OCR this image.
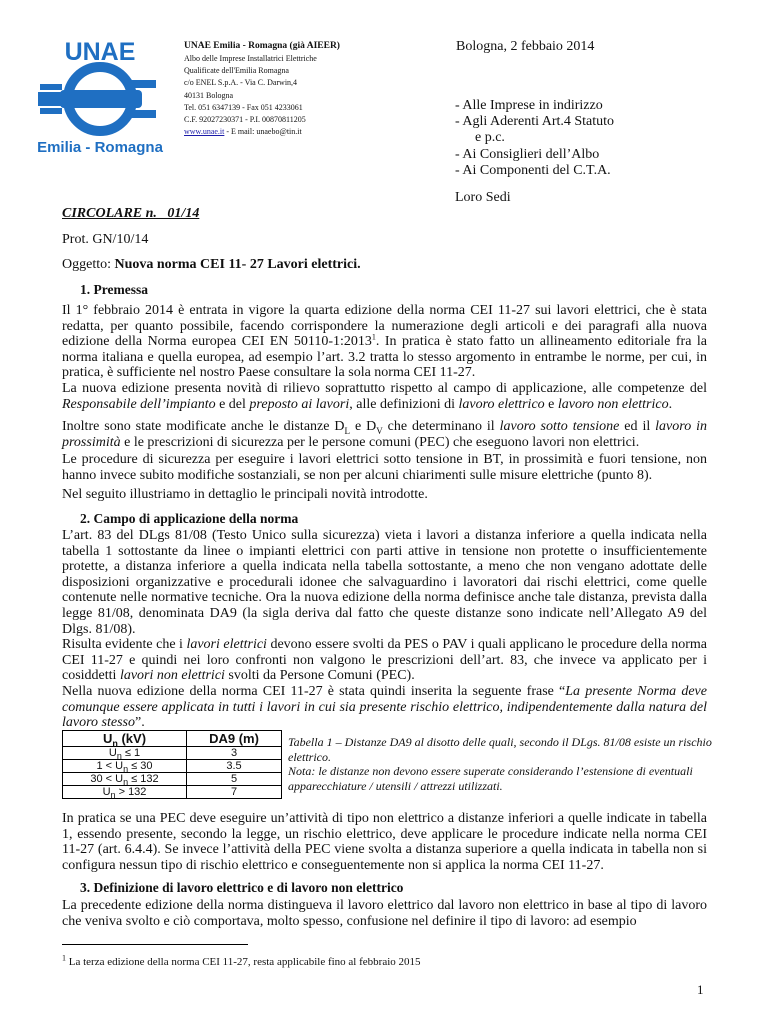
UNAE
Emilia - Romagna
UNAE Emilia - Romagna (già AIEER)
Albo delle Imprese Installatrici Elettriche
Qualificate dell'Emilia Romagna
c/o ENEL S.p.A. - Via C. Darwin,4
40131 Bologna
Tel. 051 6347139 - Fax 051 4233061
C.F. 92027230371 - P.I. 00870811205
www.unae.it - E mail: unaebo@tin.it
Bologna, 2 febbaio 2014
- Alle Imprese in indirizzo
- Agli Aderenti Art.4 Statuto
e p.c.
- Ai Consiglieri dell’Albo
- Ai Componenti del C.T.A.
Loro Sedi
CIRCOLARE n. _01/14
Prot. GN/10/14
Oggetto: Nuova norma CEI 11- 27 Lavori elettrici.
1. Premessa
Il 1° febbraio 2014 è entrata in vigore la quarta edizione della norma CEI 11-27 sui lavori elettrici, che è stata redatta, per quanto possibile, facendo corrispondere la numerazione degli articoli e dei paragrafi alla nuova edizione della Norma europea CEI EN 50110-1:2013$^1$. In pratica è stato fatto un allineamento editoriale fra la norma italiana e quella europea, ad esempio l’art. 3.2 tratta lo stesso argomento in entrambe le norme, per cui, in pratica, è sufficiente nel nostro Paese consultare la sola norma CEI 11-27.
La nuova edizione presenta novità di rilievo soprattutto rispetto al campo di applicazione, alle competenze del Responsabile dell’impianto e del preposto ai lavori, alle definizioni di lavoro elettrico e lavoro non elettrico.
Inoltre sono state modificate anche le distanze $D_L$ e $D_V$ che determinano il lavoro sotto tensione ed il lavoro in prossimità e le prescrizioni di sicurezza per le persone comuni (PEC) che eseguono lavori non elettrici.
Le procedure di sicurezza per eseguire i lavori elettrici sotto tensione in BT, in prossimità e fuori tensione, non hanno invece subito modifiche sostanziali, se non per alcuni chiarimenti sulle misure elettriche (punto 8).
Nel seguito illustriamo in dettaglio le principali novità introdotte.
2. Campo di applicazione della norma
L’art. 83 del DLgs 81/08 (Testo Unico sulla sicurezza) vieta i lavori a distanza inferiore a quella indicata nella tabella 1 sottostante da linee o impianti elettrici con parti attive in tensione non protette o insufficientemente protette, a distanza inferiore a quella indicata nella tabella sottostante, a meno che non vengano adottate delle disposizioni organizzative e procedurali idonee che salvaguardino i lavoratori dai rischi elettrici, come quelle contenute nelle normative tecniche. Ora la nuova edizione della norma definisce anche tale distanza, prevista dalla legge 81/08, denominata DA9 (la sigla deriva dal fatto che queste distanze sono indicate nell’Allegato A9 del Dlgs. 81/08).
Risulta evidente che i lavori elettrici devono essere svolti da PES o PAV i quali applicano le procedure della norma CEI 11-27 e quindi nei loro confronti non valgono le prescrizioni dell’art. 83, che invece va applicato per i cosiddetti lavori non elettrici svolti da Persone Comuni (PEC).
Nella nuova edizione della norma CEI 11-27 è stata quindi inserita la seguente frase “La presente Norma deve comunque essere applicata in tutti i lavori in cui sia presente rischio elettrico, indipendentemente dalla natura del lavoro stesso”.
$U_n$ (kV)	DA9 (m)
$U_n \le 1$	3
$1 < U_n \le 30$	3.5
$30 < U_n \le 132$	5
$U_n > 132$	7
Tabella 1 – Distanze DA9 al disotto delle quali, secondo il DLgs. 81/08 esiste un rischio elettrico.
Nota: le distanze non devono essere superate considerando l’estensione di eventuali apparecchiature / utensili / attrezzi utilizzati.
In pratica se una PEC deve eseguire un’attività di tipo non elettrico a distanze inferiori a quelle indicate in tabella 1, essendo presente, secondo la legge, un rischio elettrico, deve applicare le procedure indicate nella norma CEI 11-27 (art. 6.4.4). Se invece l’attività della PEC viene svolta a distanza superiore a quella indicata in tabella non si configura nessun tipo di rischio elettrico e conseguentemente non si applica la norma CEI 11-27.
3. Definizione di lavoro elettrico e di lavoro non elettrico
La precedente edizione della norma distingueva il lavoro elettrico dal lavoro non elettrico in base al tipo di lavoro che veniva svolto e ciò comportava, molto spesso, confusione nel definire il tipo di lavoro: ad esempio
$^1$ La terza edizione della norma CEI 11-27, resta applicabile fino al febbraio 2015
1
